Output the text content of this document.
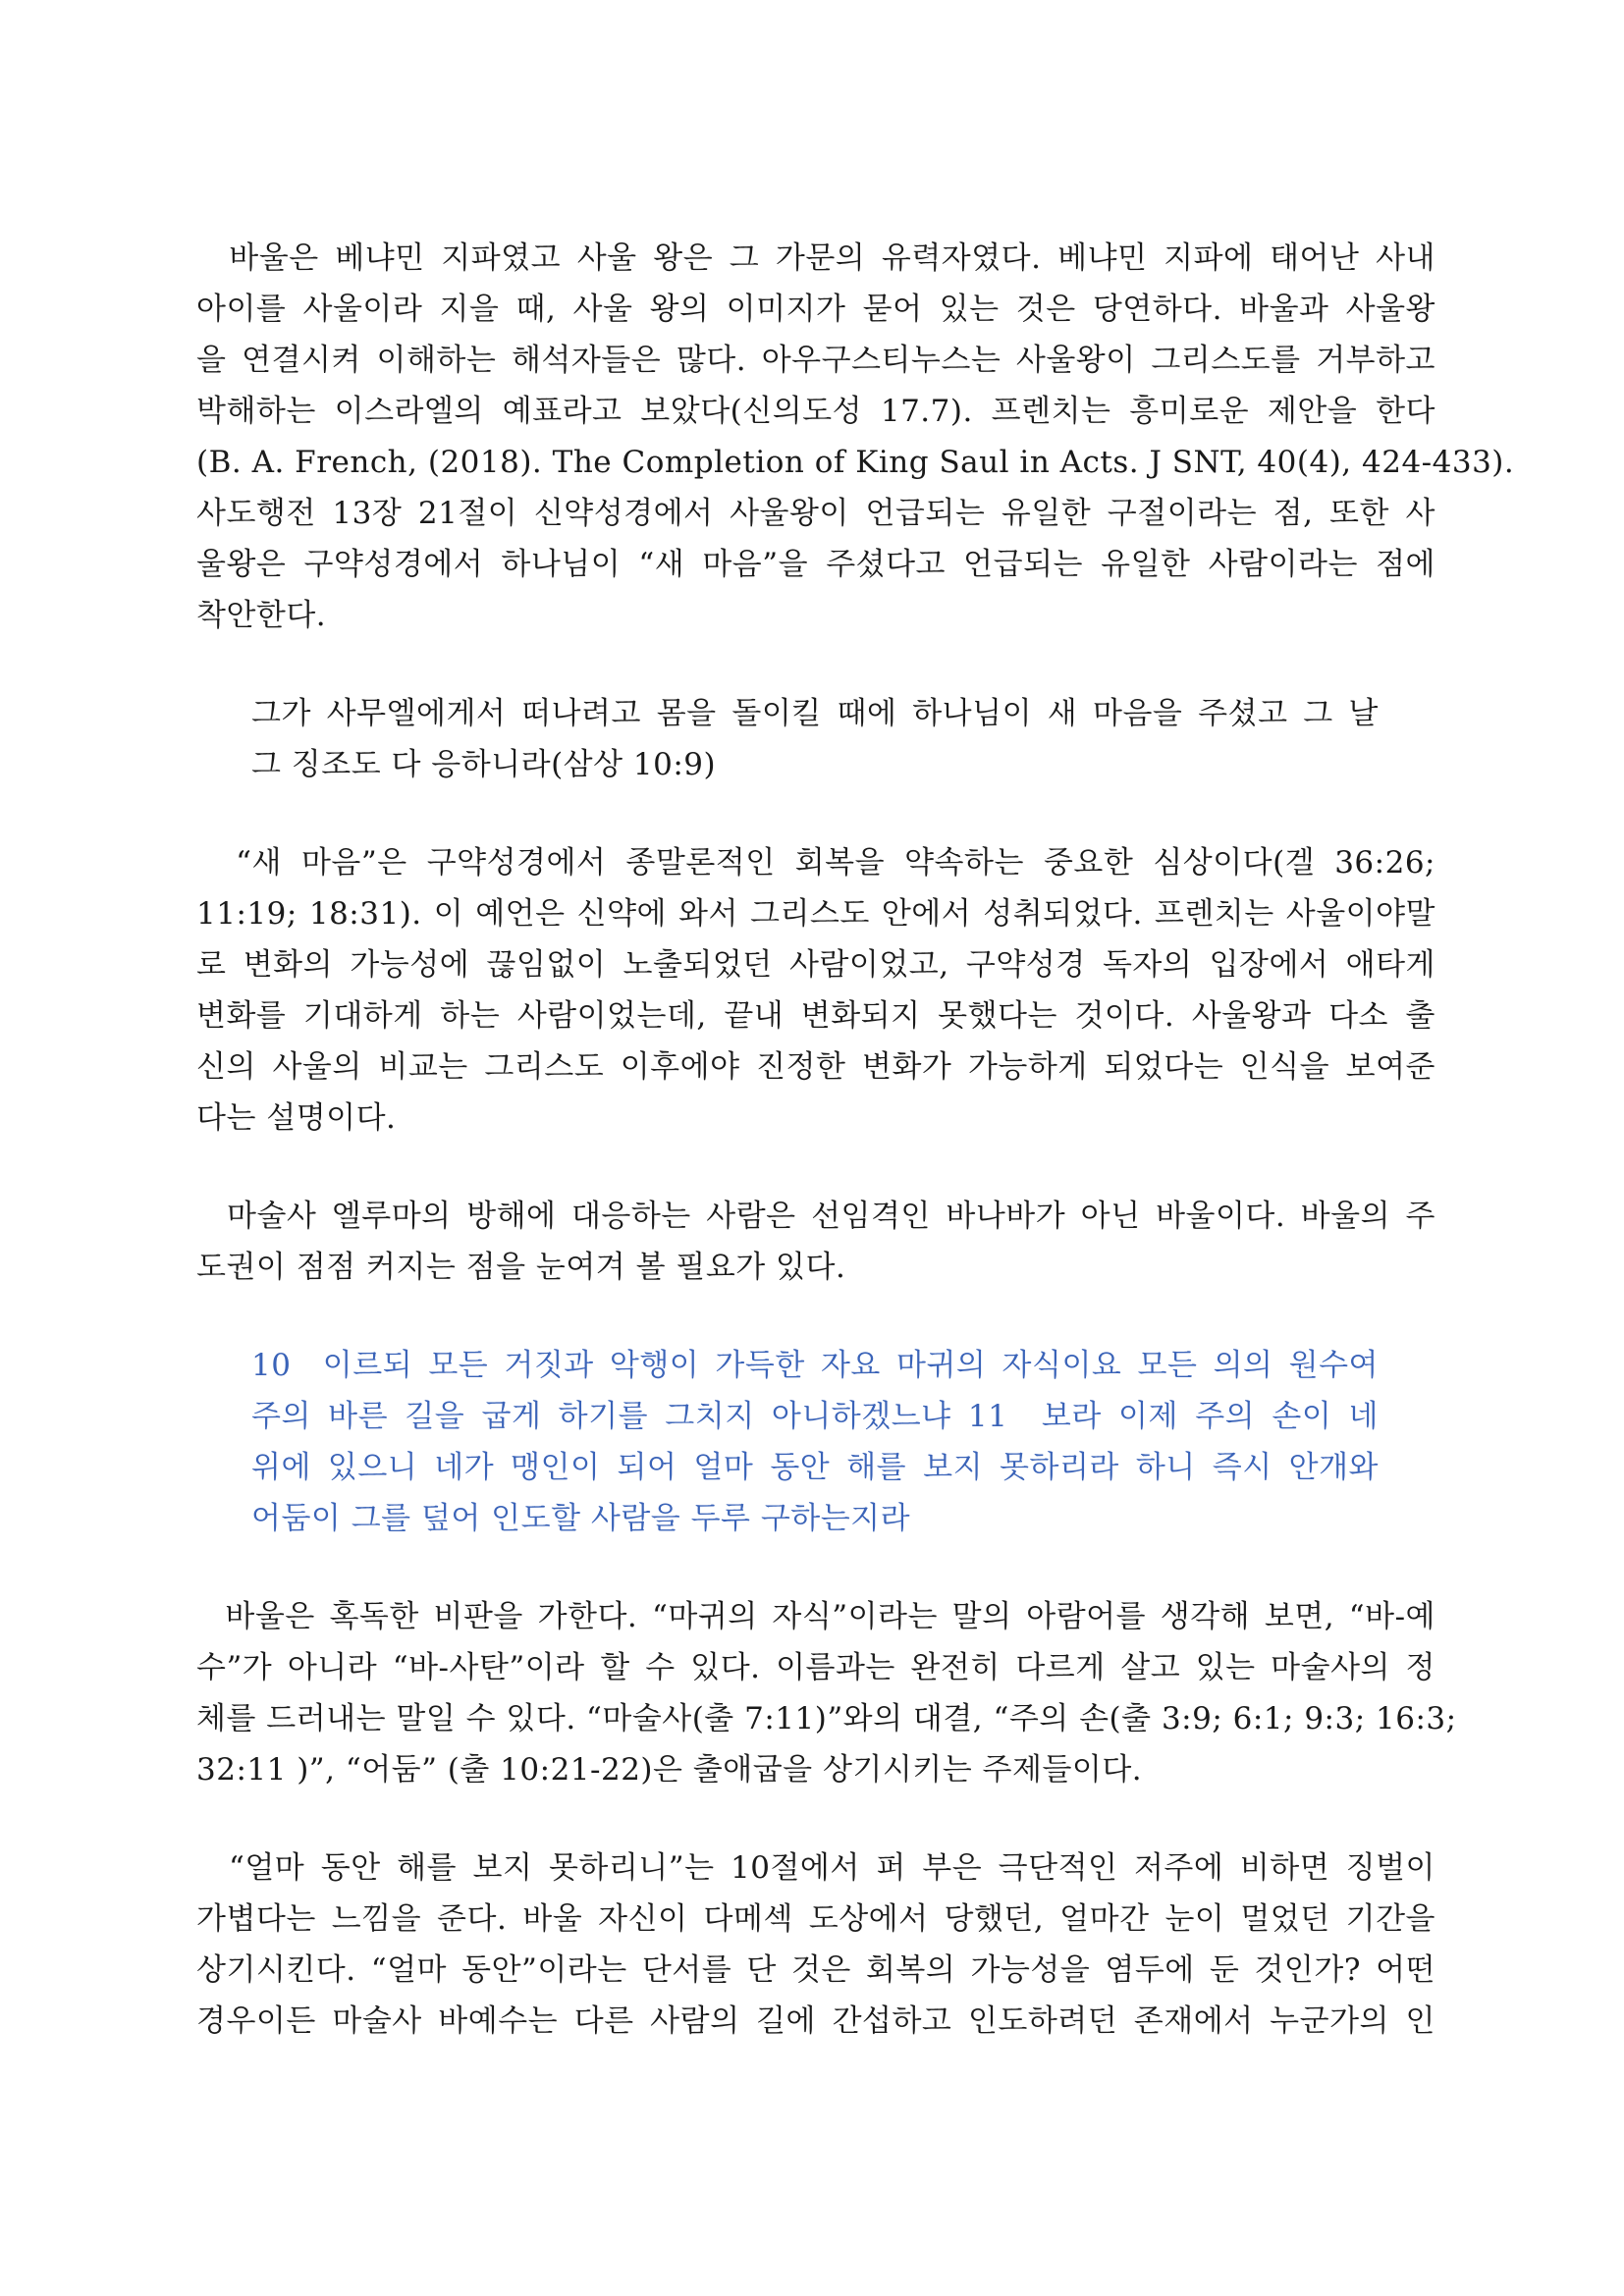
바울은 베냐민 지파였고 사울 왕은 그 가문의 유력자였다. 베냐민 지파에 태어난 사내
아이를 사울이라 지을 때, 사울 왕의 이미지가 묻어 있는 것은 당연하다. 바울과 사울왕
을 연결시켜 이해하는 해석자들은 많다. 아우구스티누스는 사울왕이 그리스도를 거부하고
박해하는 이스라엘의 예표라고 보았다(신의도성 17.7). 프렌치는 흥미로운 제안을 한다
(B. A. French, (2018). The Completion of King Saul in Acts. J SNT, 40(4), 424-433).
사도행전 13장 21절이 신약성경에서 사울왕이 언급되는 유일한 구절이라는 점, 또한 사
울왕은 구약성경에서 하나님이 “새 마음”을 주셨다고 언급되는 유일한 사람이라는 점에
착안한다.
그가 사무엘에게서 떠나려고 몸을 돌이킬 때에 하나님이 새 마음을 주셨고 그 날
그 징조도 다 응하니라(삼상 10:9)
“새 마음”은 구약성경에서 종말론적인 회복을 약속하는 중요한 심상이다(겔 36:26;
11:19; 18:31). 이 예언은 신약에 와서 그리스도 안에서 성취되었다. 프렌치는 사울이야말
로 변화의 가능성에 끊임없이 노출되었던 사람이었고, 구약성경 독자의 입장에서 애타게
변화를 기대하게 하는 사람이었는데, 끝내 변화되지 못했다는 것이다. 사울왕과 다소 출
신의 사울의 비교는 그리스도 이후에야 진정한 변화가 가능하게 되었다는 인식을 보여준
다는 설명이다.
마술사 엘루마의 방해에 대응하는 사람은 선임격인 바나바가 아닌 바울이다. 바울의 주
도권이 점점 커지는 점을 눈여겨 볼 필요가 있다.
10  이르되 모든 거짓과 악행이 가득한 자요 마귀의 자식이요 모든 의의 원수여
주의 바른 길을 굽게 하기를 그치지 아니하겠느냐 11  보라 이제 주의 손이 네
위에 있으니 네가 맹인이 되어 얼마 동안 해를 보지 못하리라 하니 즉시 안개와
어둠이 그를 덮어 인도할 사람을 두루 구하는지라
바울은 혹독한 비판을 가한다. “마귀의 자식”이라는 말의 아람어를 생각해 보면, “바-예
수”가 아니라 “바-사탄”이라 할 수 있다. 이름과는 완전히 다르게 살고 있는 마술사의 정
체를 드러내는 말일 수 있다. “마술사(출 7:11)”와의 대결, “주의 손(출 3:9; 6:1; 9:3; 16:3;
32:11 )”, “어둠” (출 10:21-22)은 출애굽을 상기시키는 주제들이다.
“얼마 동안 해를 보지 못하리니”는 10절에서 퍼 부은 극단적인 저주에 비하면 징벌이
가볍다는 느낌을 준다. 바울 자신이 다메섹 도상에서 당했던, 얼마간 눈이 멀었던 기간을
상기시킨다. “얼마 동안”이라는 단서를 단 것은 회복의 가능성을 염두에 둔 것인가? 어떤
경우이든 마술사 바예수는 다른 사람의 길에 간섭하고 인도하려던 존재에서 누군가의 인
